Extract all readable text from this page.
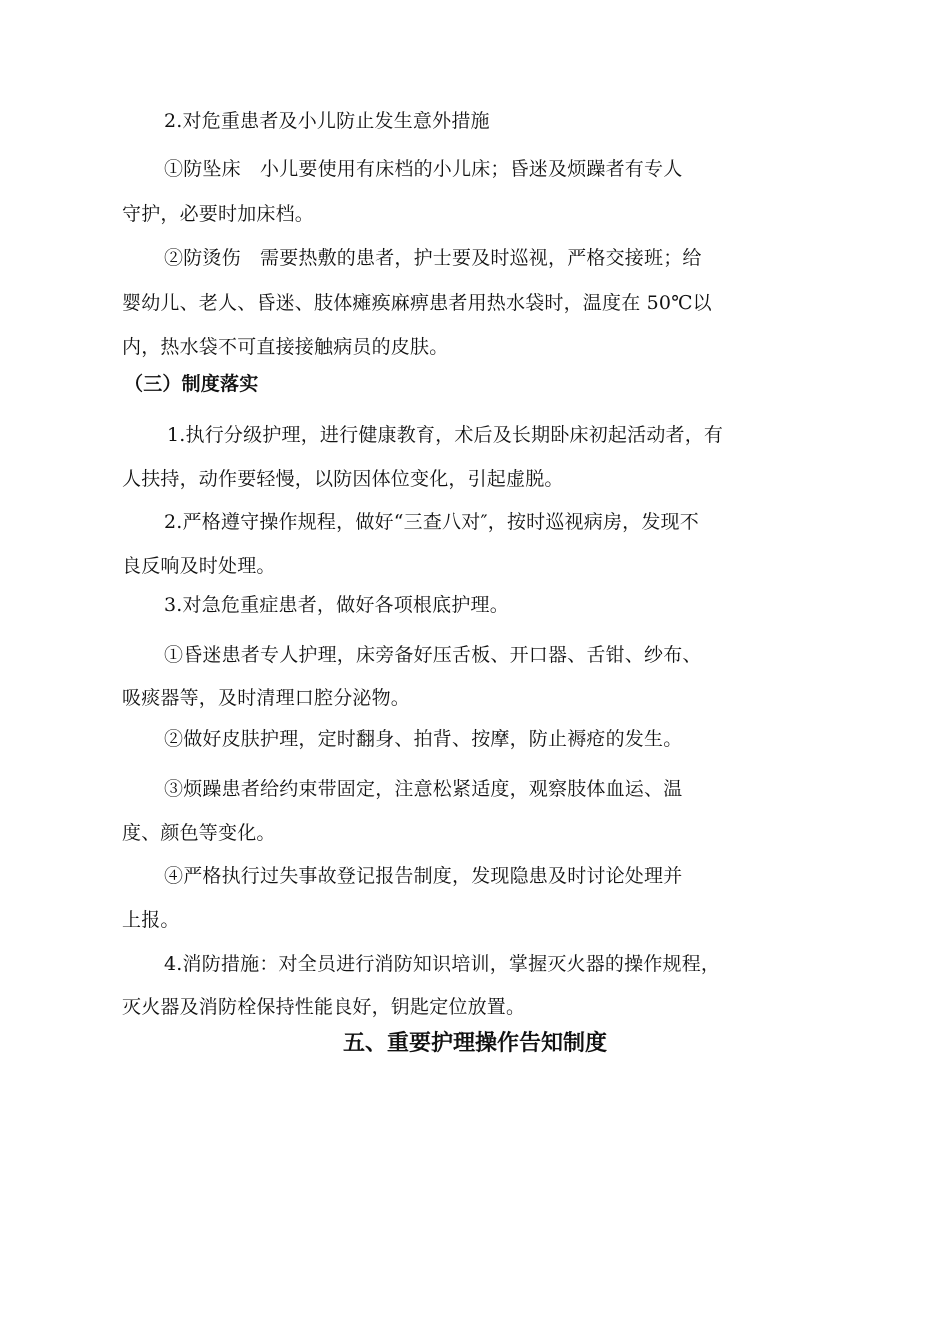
2.对危重患者及小儿防止发生意外措施
①防坠床　小儿要使用有床档的小儿床；昏迷及烦躁者有专人
守护，必要时加床档。
②防烫伤　需要热敷的患者，护士要及时巡视，严格交接班；给
婴幼儿、老人、昏迷、肢体瘫痪麻痹患者用热水袋时，温度在 50℃以
内，热水袋不可直接接触病员的皮肤。
（三）制度落实
1.执行分级护理，进行健康教育，术后及长期卧床初起活动者，有
人扶持，动作要轻慢，以防因体位变化，引起虚脱。
2.严格遵守操作规程，做好“三查八对″，按时巡视病房，发现不
良反响及时处理。
3.对急危重症患者，做好各项根底护理。
①昏迷患者专人护理，床旁备好压舌板、开口器、舌钳、纱布、
吸痰器等，及时清理口腔分泌物。
②做好皮肤护理，定时翻身、拍背、按摩，防止褥疮的发生。
③烦躁患者给约束带固定，注意松紧适度，观察肢体血运、温
度、颜色等变化。
④严格执行过失事故登记报告制度，发现隐患及时讨论处理并
上报。
4.消防措施：对全员进行消防知识培训，掌握灭火器的操作规程，
灭火器及消防栓保持性能良好，钥匙定位放置。
五、重要护理操作告知制度
